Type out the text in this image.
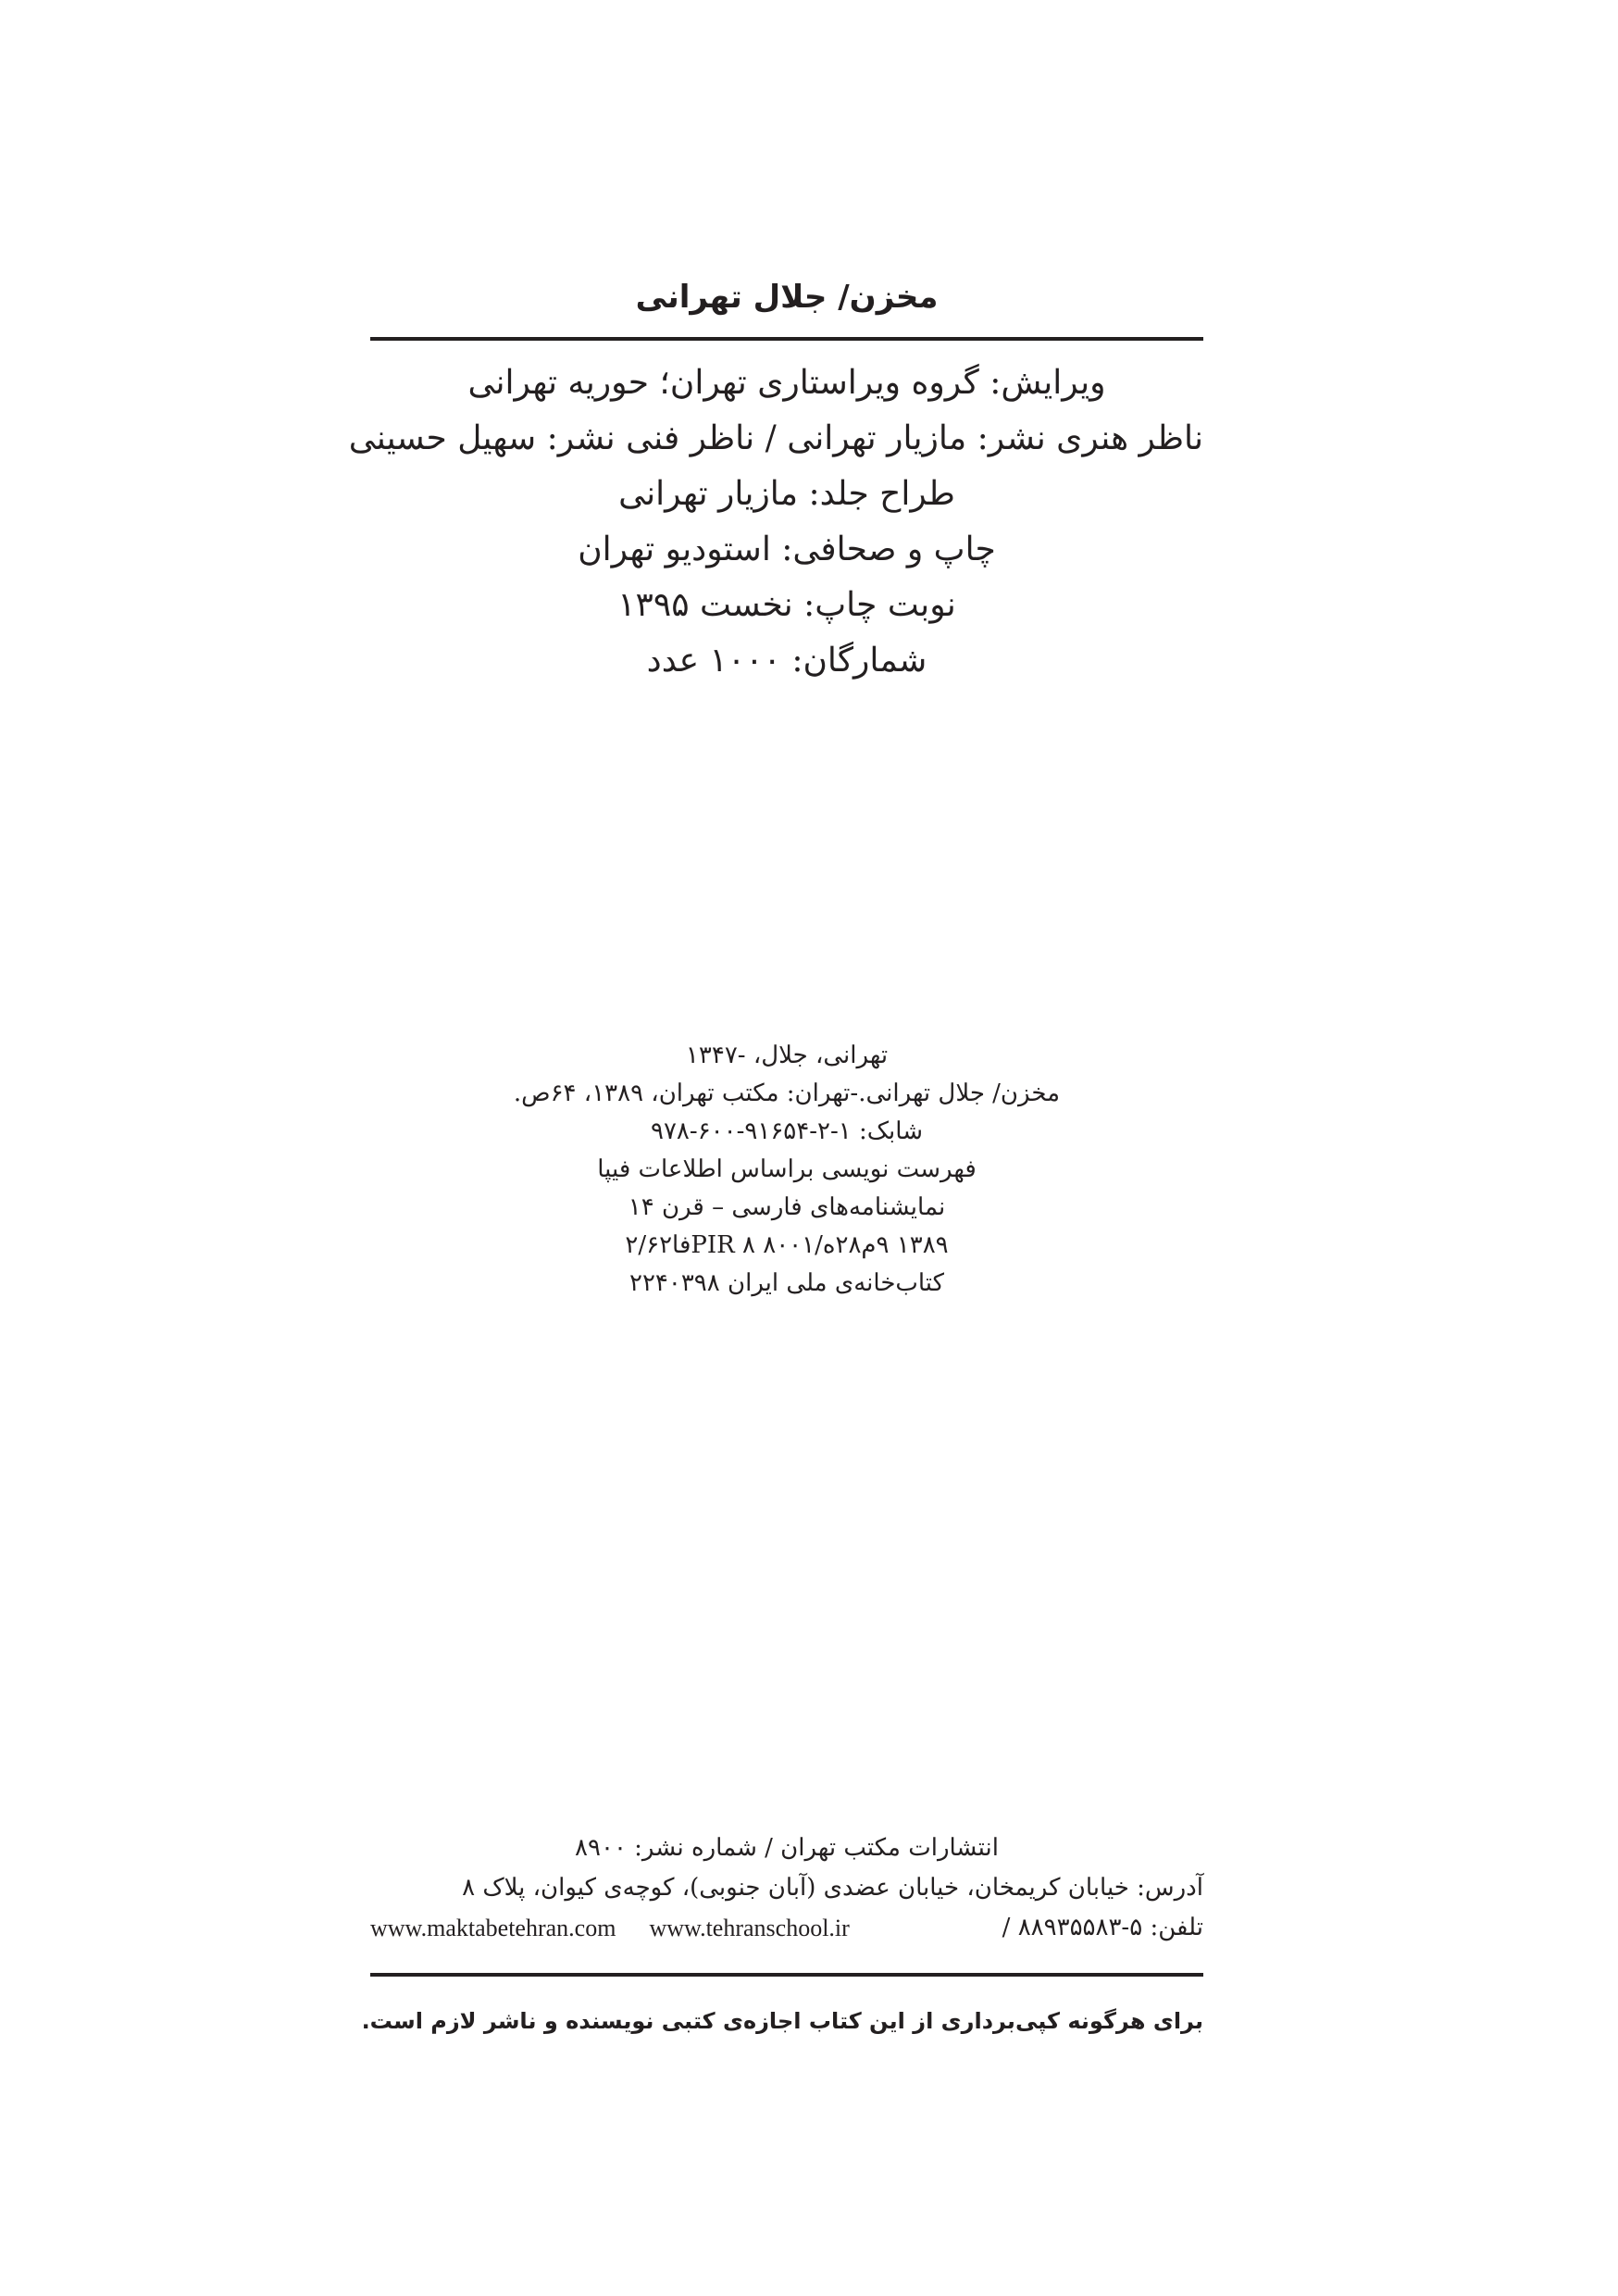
مخزن/ جلال تهرانی
ویرایش: گروه ویراستاری تهران؛ حوریه تهرانی
ناظر هنری نشر: مازیار تهرانی / ناظر فنی نشر: سهیل حسینی
طراح جلد: مازیار تهرانی
چاپ و صحافی: استودیو تهران
نوبت چاپ: نخست ۱۳۹۵
شمارگان: ۱۰۰۰ عدد
تهرانی، جلال، -۱۳۴۷
مخزن/ جلال تهرانی.-تهران: مکتب تهران، ۱۳۸۹، ۶۴ص.
شابک: ۱-۲-۹۱۶۵۴-۶۰۰-۹۷۸
فهرست نویسی براساس اطلاعات فیپا
نمایشنامه‌های فارسی – قرن ۱۴
۱۳۸۹ ۹م۲۸ه/۸۰۰۱ PIR ۸فا۲/۶۲
کتاب‌خانه‌ی ملی ایران ۲۲۴۰۳۹۸
انتشارات مکتب تهران / شماره نشر: ۸۹۰۰
آدرس: خیابان کریمخان، خیابان عضدی (آبان جنوبی)، کوچه‌ی کیوان، پلاک ۸
www.maktabetehran.com www.tehranschool.ir	تلفن: ۵-۸۸۹۳۵۵۸۳ /
برای هرگونه کپی‌برداری از این کتاب اجازه‌ی کتبی نویسنده و ناشر لازم است.
